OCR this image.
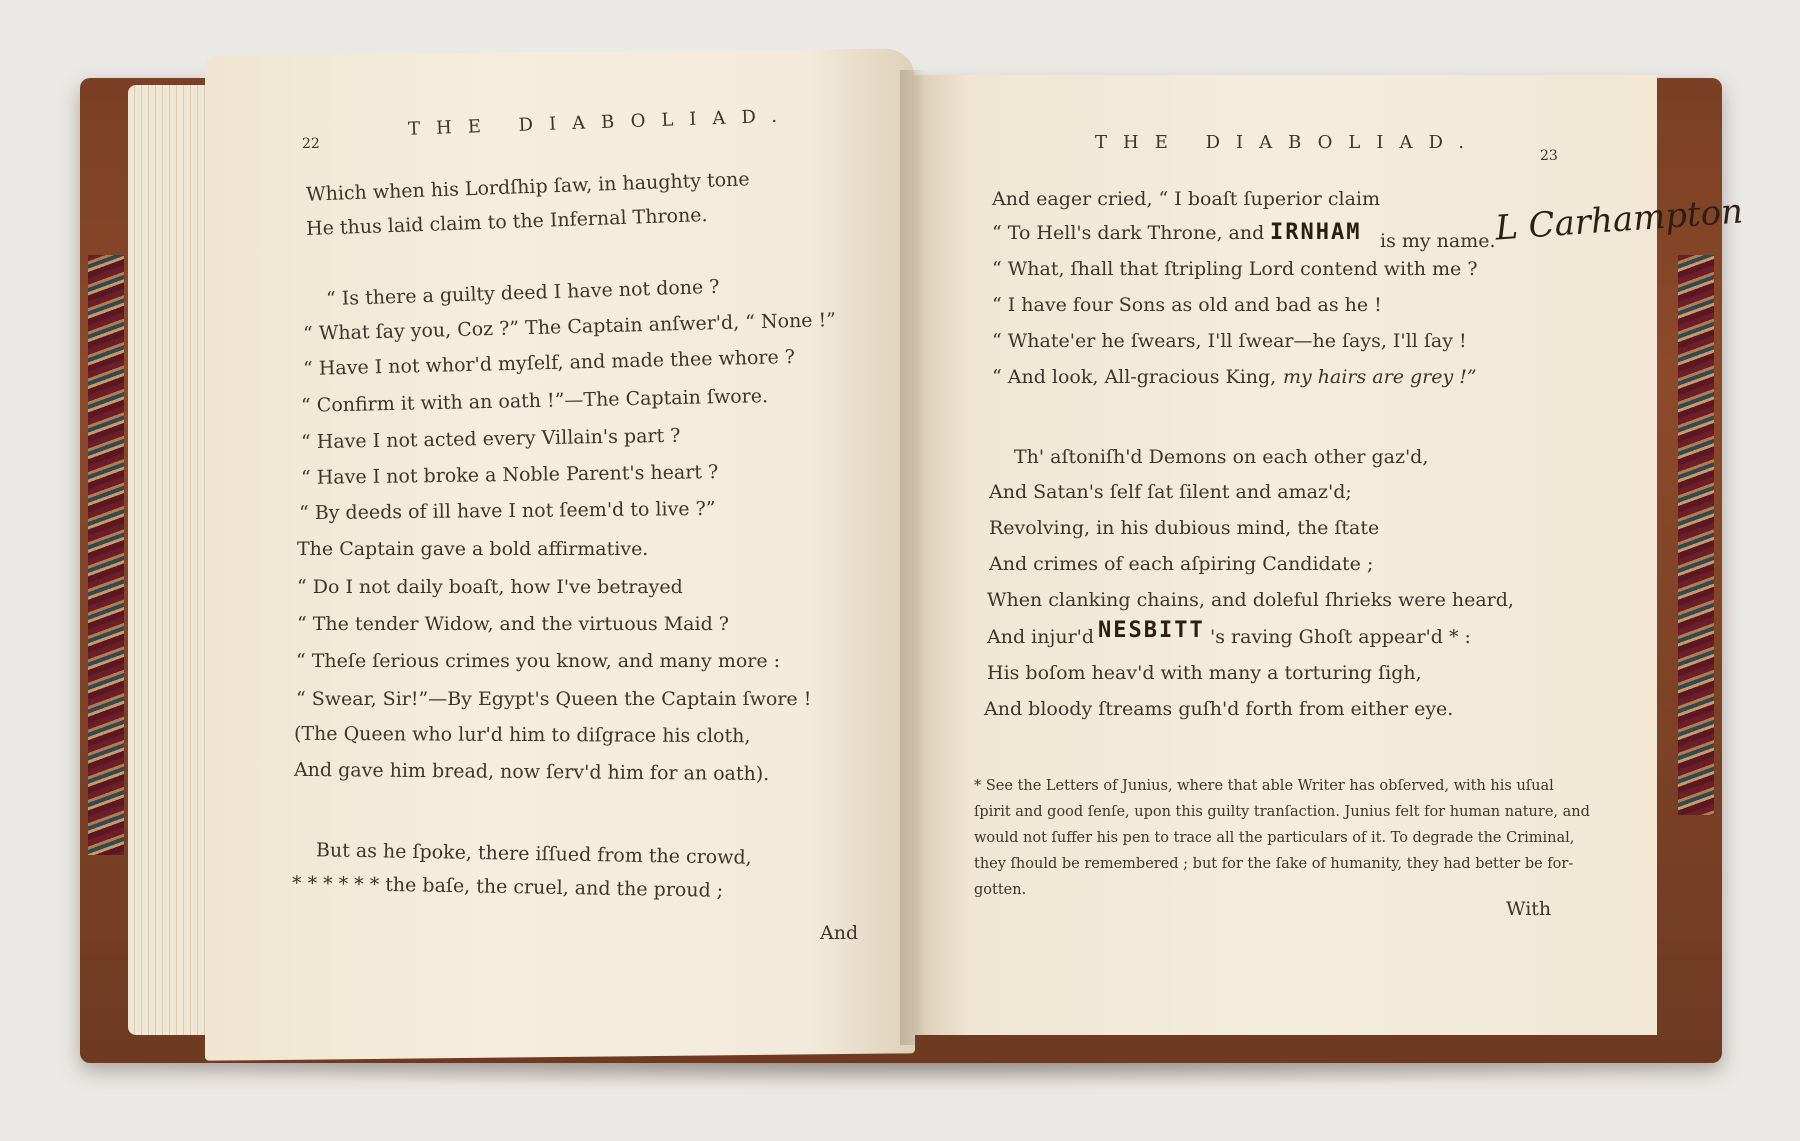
22
THE DIABOLIAD.
Which when his Lordſhip ſaw, in haughty tone
He thus laid claim to the Infernal Throne.
“ Is there a guilty deed I have not done ?
“ What ſay you, Coz ?” The Captain anſwer'd, “ None !”
“ Have I not whor'd myſelf, and made thee whore ?
“ Confirm it with an oath !”—The Captain ſwore.
“ Have I not acted every Villain's part ?
“ Have I not broke a Noble Parent's heart ?
“ By deeds of ill have I not ſeem'd to live ?”
The Captain gave a bold affirmative.
“ Do I not daily boaſt, how I've betrayed
“ The tender Widow, and the virtuous Maid ?
“ Theſe ſerious crimes you know, and many more :
“ Swear, Sir!”—By Egypt's Queen the Captain ſwore !
(The Queen who lur'd him to diſgrace his cloth,
And gave him bread, now ſerv'd him for an oath).
But as he ſpoke, there iſſued from the crowd,
* * * * * * the baſe, the cruel, and the proud ;
And
THE DIABOLIAD.
23
And eager cried, “ I boaſt ſuperior claim
“ To Hell's dark Throne, and IRNHAM is my name.
“ What, ſhall that ſtripling Lord contend with me ?
“ I have four Sons as old and bad as he !
“ Whate'er he ſwears, I'll ſwear—he ſays, I'll ſay !
“ And look, All-gracious King, my hairs are grey !”
Th' aſtoniſh'd Demons on each other gaz'd,
And Satan's ſelf ſat ſilent and amaz'd;
Revolving, in his dubious mind, the ſtate
And crimes of each aſpiring Candidate ;
When clanking chains, and doleful ſhrieks were heard,
And injur'd NESBITT 's raving Ghoſt appear'd * :
His boſom heav'd with many a torturing ſigh,
And bloody ſtreams guſh'd forth from either eye.
* See the Letters of Junius, where that able Writer has obſerved, with his uſual
ſpirit and good ſenſe, upon this guilty tranſaction. Junius felt for human nature, and
would not ſuffer his pen to trace all the particulars of it. To degrade the Criminal,
they ſhould be remembered ; but for the ſake of humanity, they had better be for-
gotten.
With
L Carhampton
